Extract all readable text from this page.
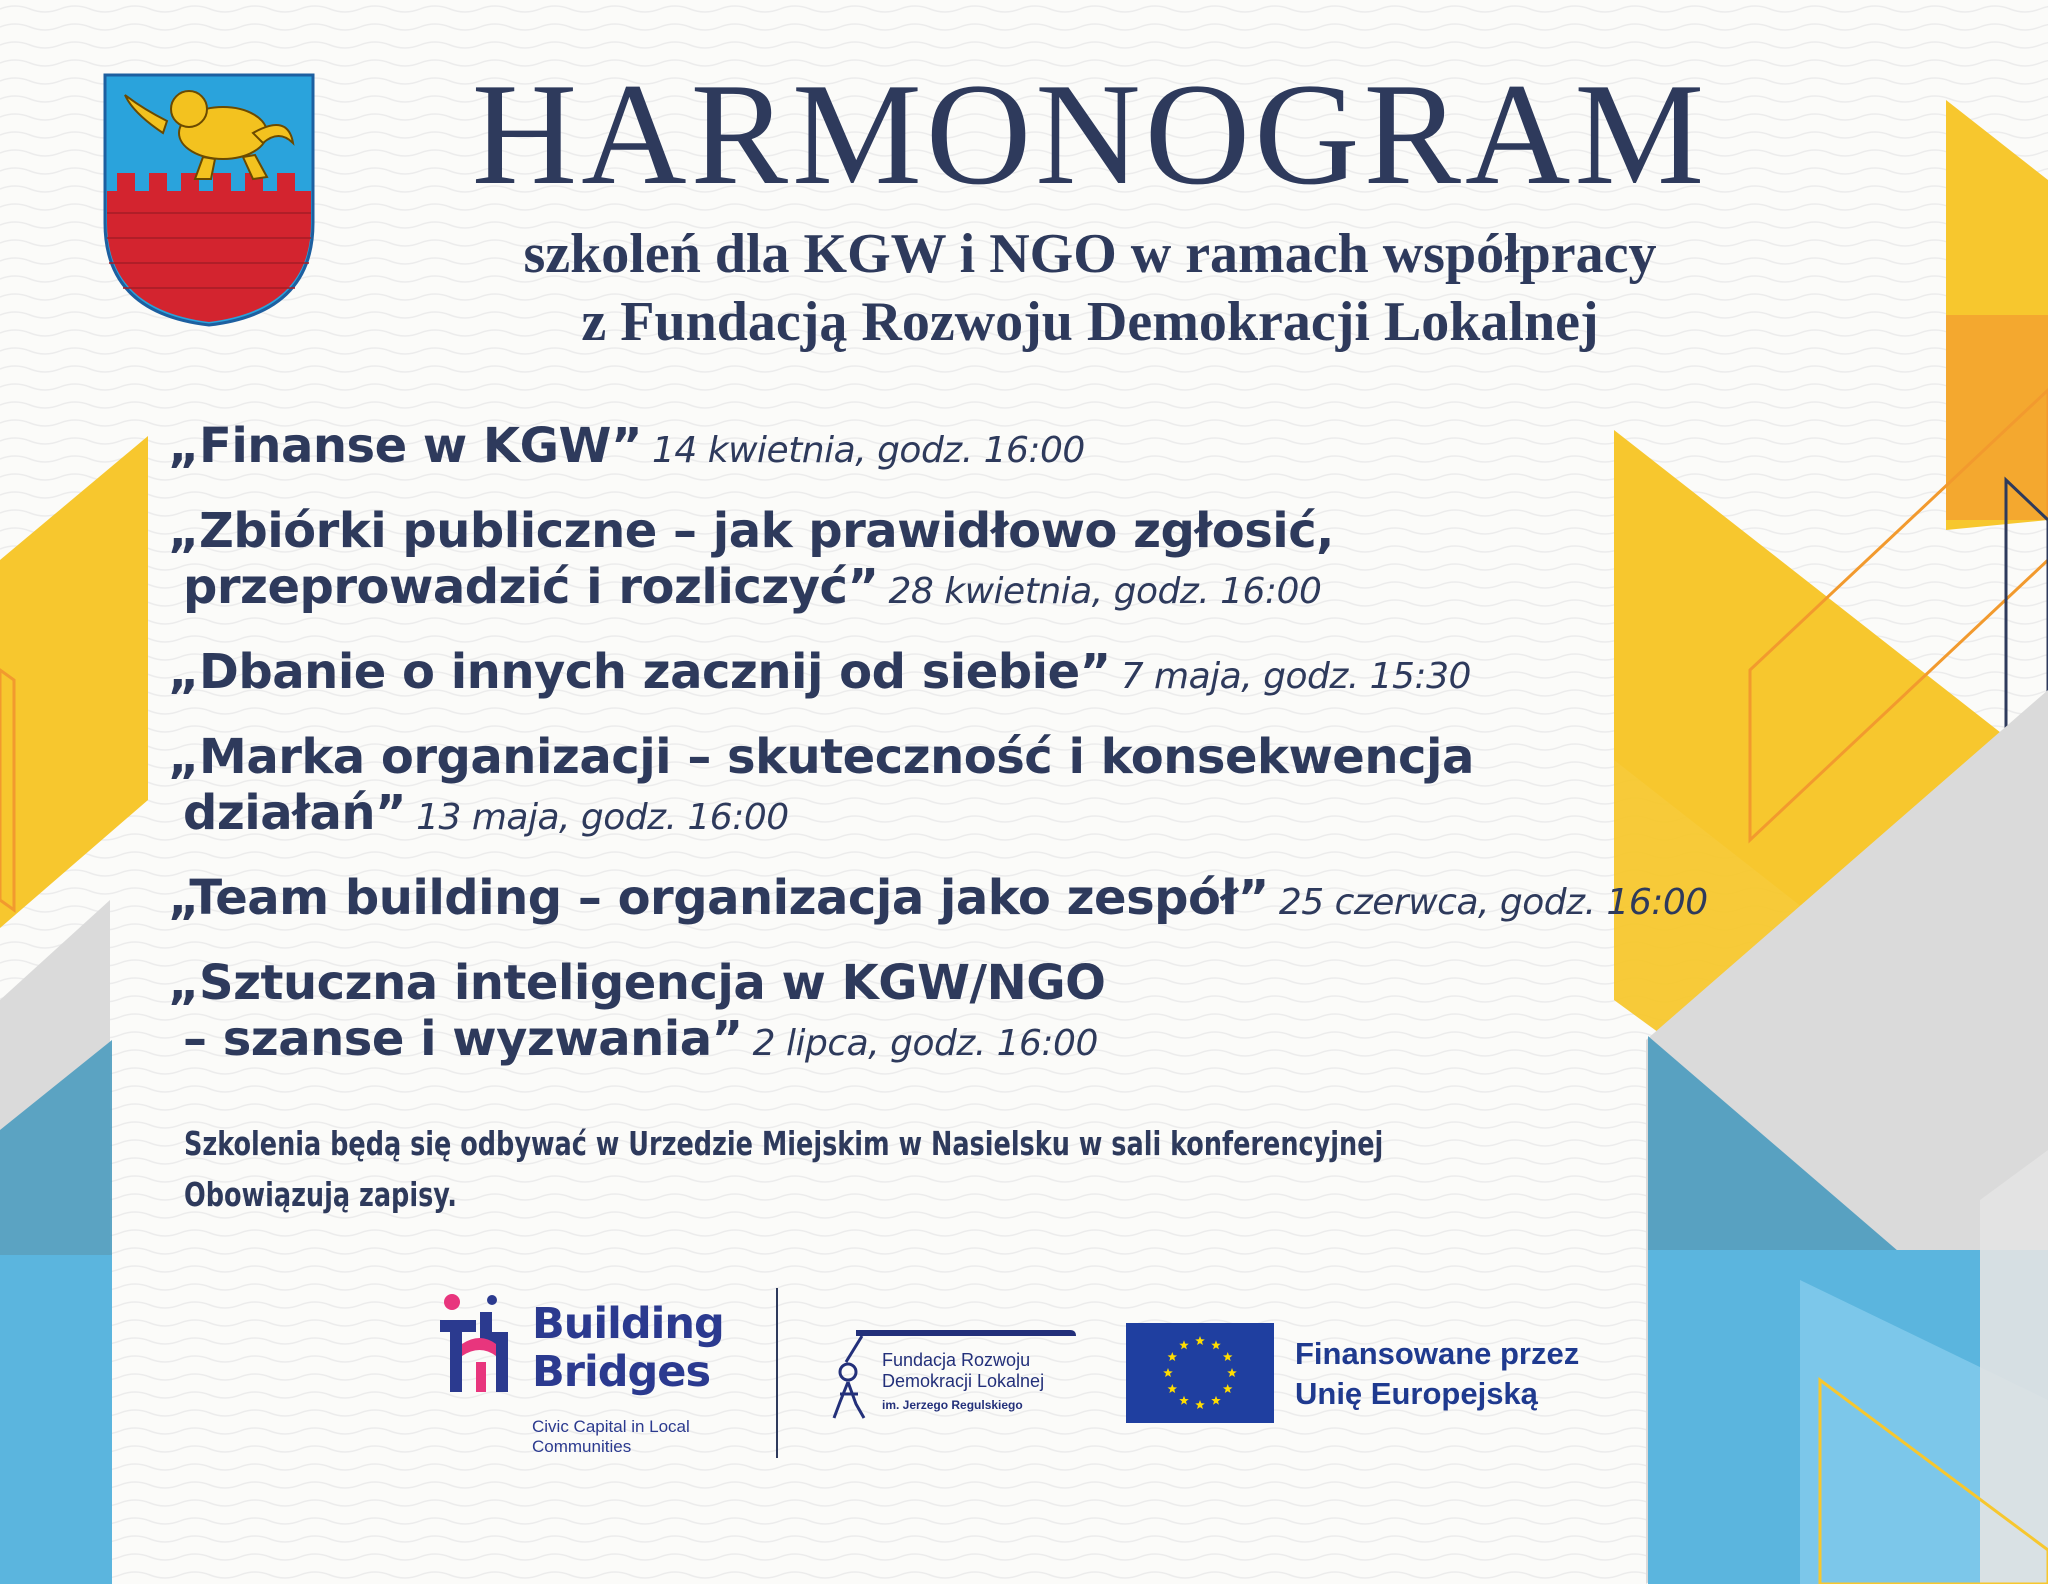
HARMONOGRAM
szkoleń dla KGW i NGO w ramach współpracy
z Fundacją Rozwoju Demokracji Lokalnej
„Finanse w KGW” 14 kwietnia, godz. 16:00
„Zbiórki publiczne – jak prawidłowo zgłosić,
przeprowadzić i rozliczyć” 28 kwietnia, godz. 16:00
„Dbanie o innych zacznij od siebie” 7 maja, godz. 15:30
„Marka organizacji – skuteczność i konsekwencja
działań” 13 maja, godz. 16:00
„Team building – organizacja jako zespół” 25 czerwca, godz. 16:00
„Sztuczna inteligencja w KGW/NGO
– szanse i wyzwania” 2 lipca, godz. 16:00
Szkolenia będą się odbywać w Urzedzie Miejskim w Nasielsku w sali konferencyjnej
Obowiązują zapisy.
Building
Bridges
Civic Capital in Local
Communities
Fundacja Rozwoju
Demokracji Lokalnej
im. Jerzego Regulskiego
Finansowane przez
Unię Europejską
